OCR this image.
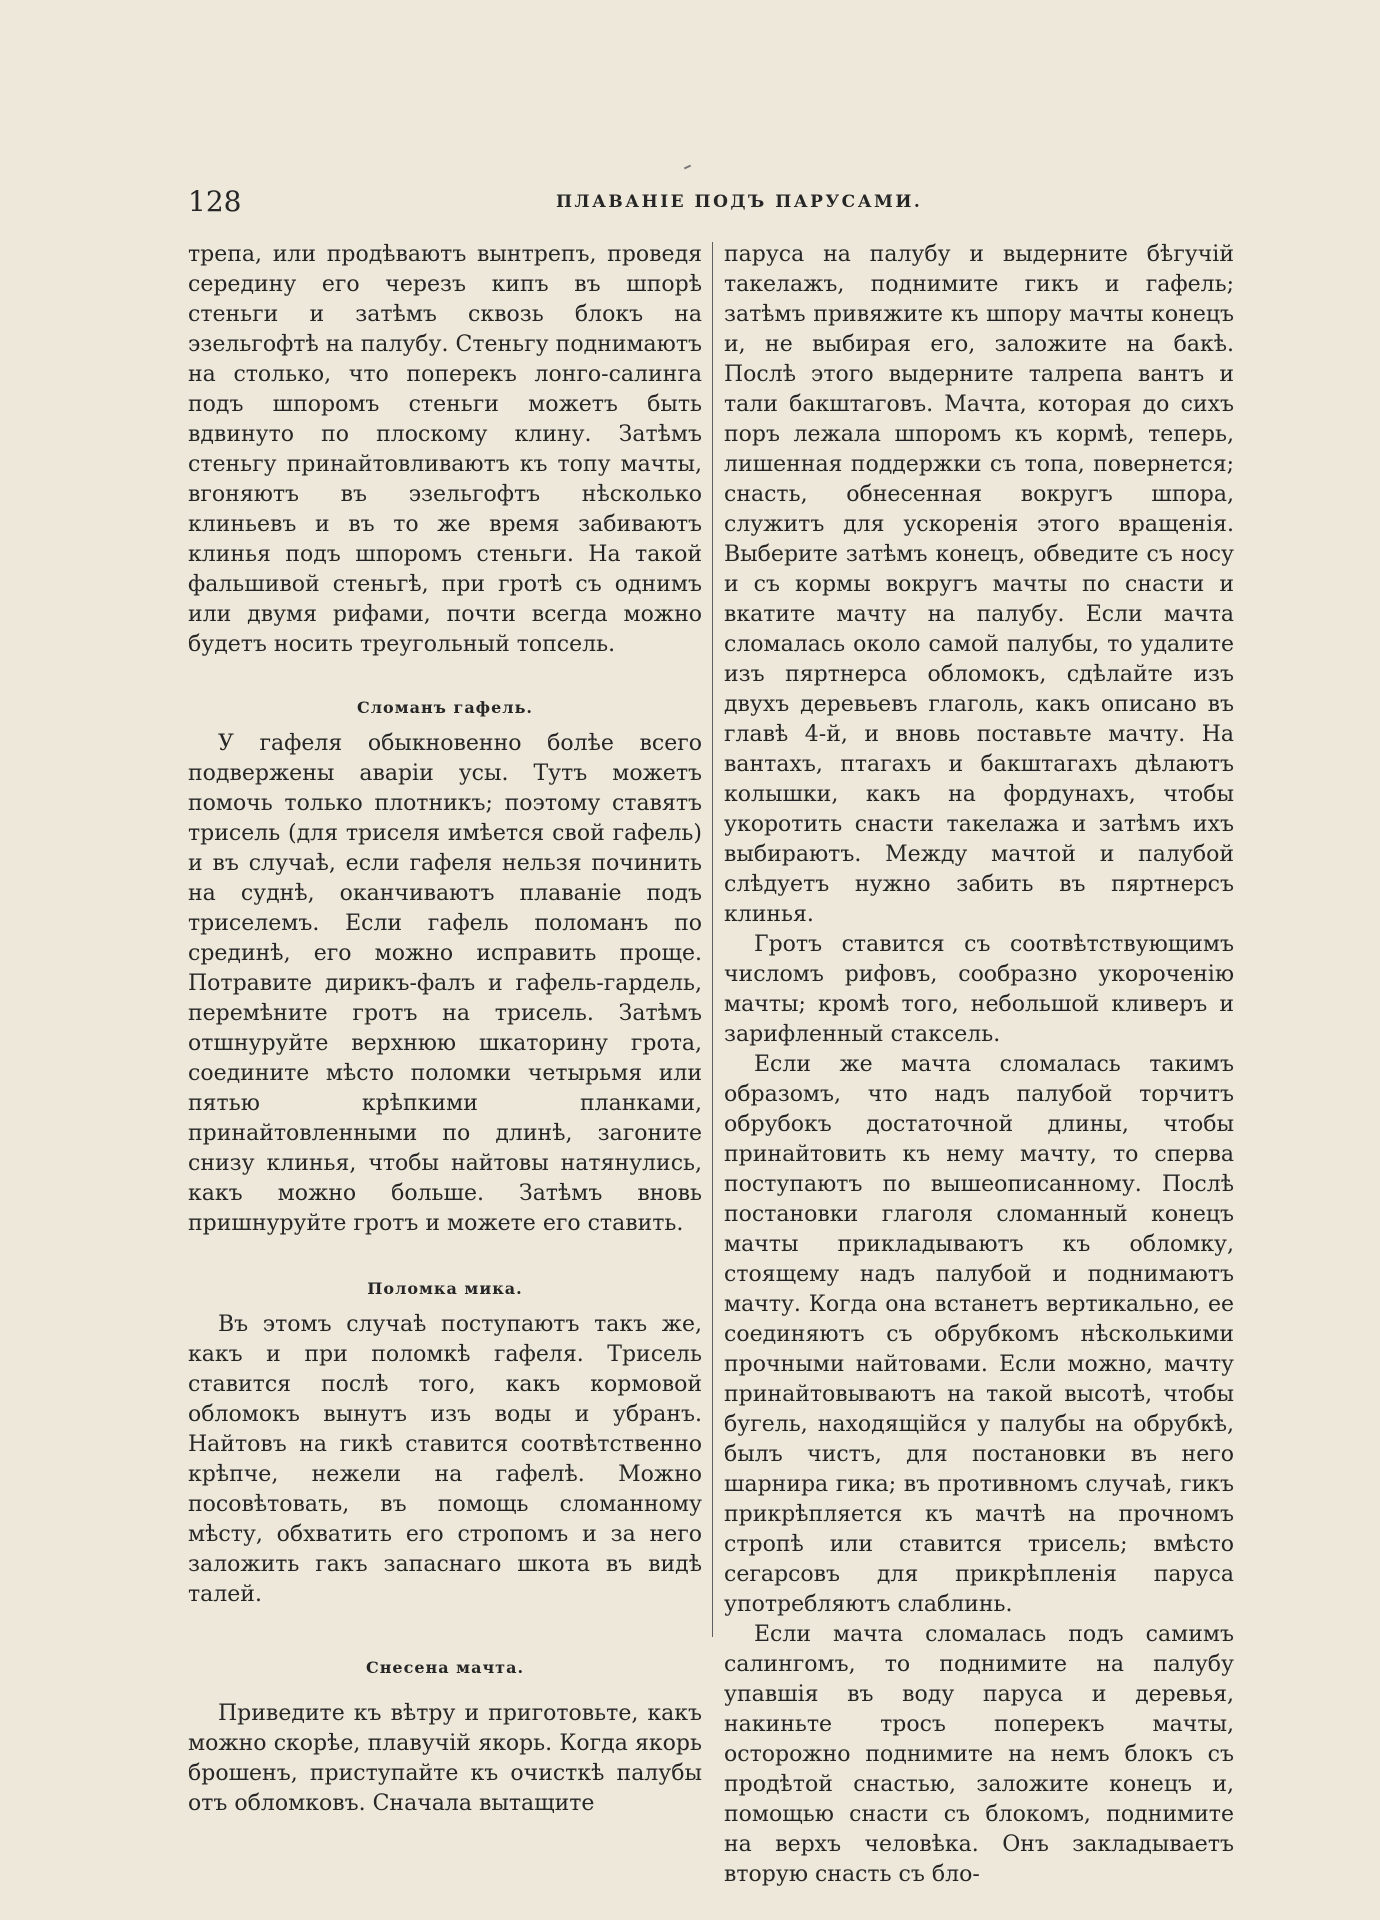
128	ПЛАВАНІЕ ПОДЪ ПАРУСАМИ.

трепа, или продѣваютъ вынтрепъ, проведя середину его черезъ кипъ въ шпорѣ стеньги и затѣмъ сквозь блокъ на эзельгофтѣ на палубу. Стеньгу поднимаютъ на столько, что поперекъ лонго-салинга подъ шпоромъ стеньги можетъ быть вдвинуто по плоскому клину. Затѣмъ стеньгу принайтовливаютъ къ топу мачты, вгоняютъ въ эзельгофтъ нѣсколько клиньевъ и въ то же время забиваютъ клинья подъ шпоромъ стеньги. На такой фальшивой стеньгѣ, при гротѣ съ однимъ или двумя рифами, почти всегда можно будетъ носить треугольный топсель.

Сломанъ гафель.

У гафеля обыкновенно болѣе всего подвержены аваріи усы. Тутъ можетъ помочь только плотникъ; поэтому ставятъ трисель (для триселя имѣется свой гафель) и въ случаѣ, если гафеля нельзя починить на суднѣ, оканчиваютъ плаваніе подъ триселемъ. Если гафель поломанъ по срединѣ, его можно исправить проще. Потравите дирикъ-фалъ и гафель-гардель, перемѣните гротъ на трисель. Затѣмъ отшнуруйте верхнюю шкаторину грота, соедините мѣсто поломки четырьмя или пятью крѣпкими планками, принайтовленными по длинѣ, загоните снизу клинья, чтобы найтовы натянулись, какъ можно больше. Затѣмъ вновь пришнуруйте гротъ и можете его ставить.

Поломка мика.

Въ этомъ случаѣ поступаютъ такъ же, какъ и при поломкѣ гафеля. Трисель ставится послѣ того, какъ кормовой обломокъ вынутъ изъ воды и убранъ. Найтовъ на гикѣ ставится соотвѣтственно крѣпче, нежели на гафелѣ. Можно посовѣтовать, въ помощь сломанному мѣсту, обхватить его стропомъ и за него заложить гакъ запаснаго шкота въ видѣ талей.

Снесена мачта.

Приведите къ вѣтру и приготовьте, какъ можно скорѣе, плавучій якорь. Когда якорь брошенъ, приступайте къ очисткѣ палубы отъ обломковъ. Сначала вытащите

паруса на палубу и выдерните бѣгучій такелажъ, поднимите гикъ и гафель; затѣмъ привяжите къ шпору мачты конецъ и, не выбирая его, заложите на бакѣ. Послѣ этого выдерните талрепа вантъ и тали бакштаговъ. Мачта, которая до сихъ поръ лежала шпоромъ къ кормѣ, теперь, лишенная поддержки съ топа, повернется; снасть, обнесенная вокругъ шпора, служитъ для ускоренія этого вращенія. Выберите затѣмъ конецъ, обведите съ носу и съ кормы вокругъ мачты по снасти и вкатите мачту на палубу. Если мачта сломалась около самой палубы, то удалите изъ пяртнерса обломокъ, сдѣлайте изъ двухъ деревьевъ глаголь, какъ описано въ главѣ 4-й, и вновь поставьте мачту. На вантахъ, птагахъ и бакштагахъ дѣлаютъ колышки, какъ на фордунахъ, чтобы укоротить снасти такелажа и затѣмъ ихъ выбираютъ. Между мачтой и палубой слѣдуетъ нужно забить въ пяртнерсъ клинья.

Гротъ ставится съ соотвѣтствующимъ числомъ рифовъ, сообразно укороченію мачты; кромѣ того, небольшой кливеръ и зарифленный стаксель.

Если же мачта сломалась такимъ образомъ, что надъ палубой торчитъ обрубокъ достаточной длины, чтобы принайтовить къ нему мачту, то сперва поступаютъ по вышеописанному. Послѣ постановки глаголя сломанный конецъ мачты прикладываютъ къ обломку, стоящему надъ палубой и поднимаютъ мачту. Когда она встанетъ вертикально, ее соединяютъ съ обрубкомъ нѣсколькими прочными найтовами. Если можно, мачту принайтовываютъ на такой высотѣ, чтобы бугель, находящійся у палубы на обрубкѣ, былъ чистъ, для постановки въ него шарнира гика; въ противномъ случаѣ, гикъ прикрѣпляется къ мачтѣ на прочномъ стропѣ или ставится трисель; вмѣсто сегарсовъ для прикрѣпленія паруса употребляютъ слаблинь.

Если мачта сломалась подъ самимъ салингомъ, то поднимите на палубу упавшія въ воду паруса и деревья, накиньте тросъ поперекъ мачты, осторожно поднимите на немъ блокъ съ продѣтой снастью, заложите конецъ и, помощью снасти съ блокомъ, поднимите на верхъ человѣка. Онъ закладываетъ вторую снасть съ бло-
